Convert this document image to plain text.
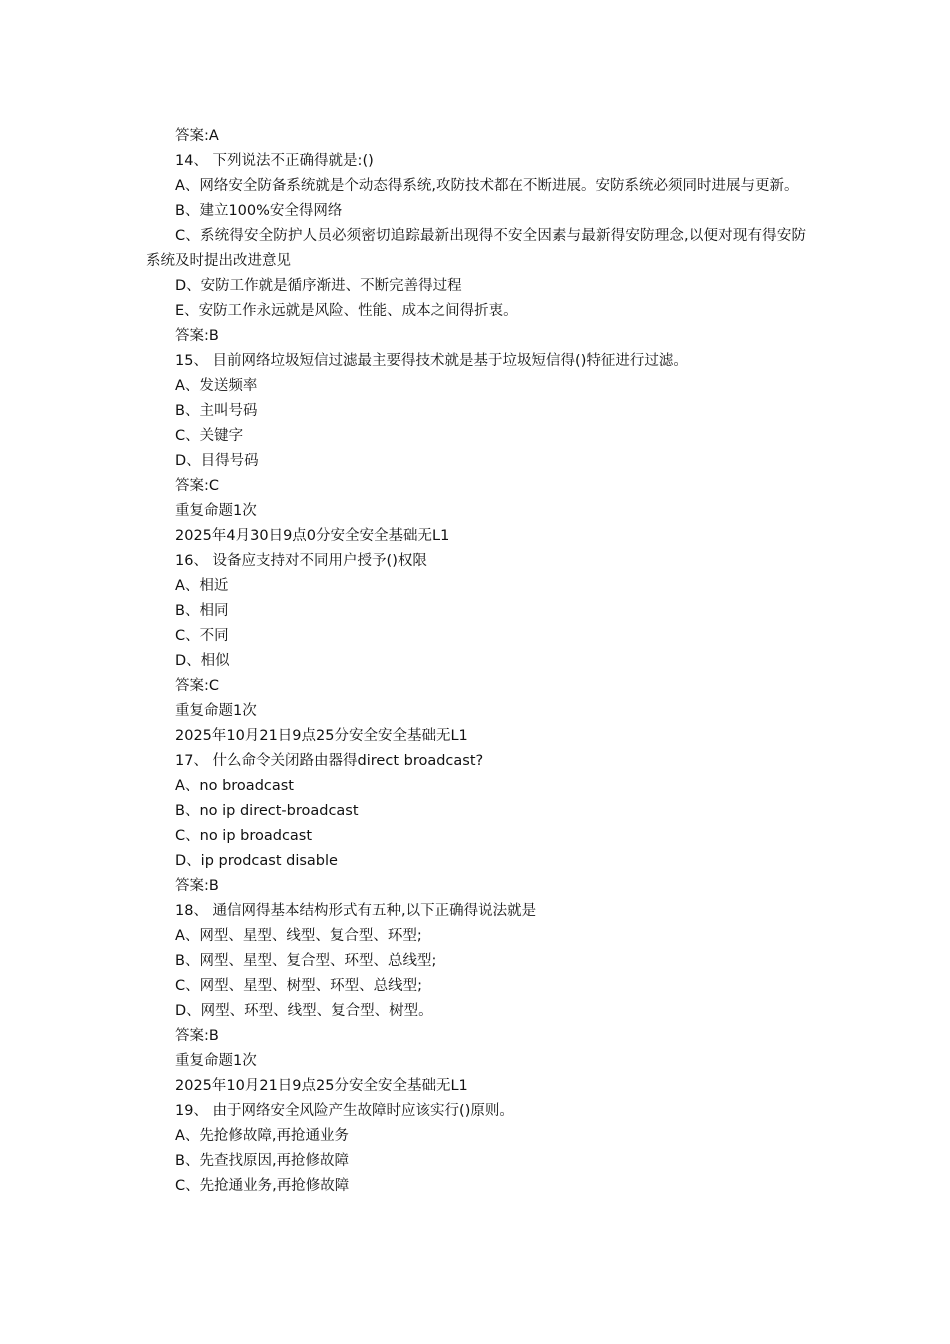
答案:A
14、 下列说法不正确得就是:()
A、网络安全防备系统就是个动态得系统,攻防技术都在不断进展。安防系统必须同时进展与更新。
B、建立100%安全得网络
C、系统得安全防护人员必须密切追踪最新出现得不安全因素与最新得安防理念,以便对现有得安防系统及时提出改进意见
D、安防工作就是循序渐进、不断完善得过程
E、安防工作永远就是风险、性能、成本之间得折衷。
答案:B
15、 目前网络垃圾短信过滤最主要得技术就是基于垃圾短信得()特征进行过滤。
A、发送频率
B、主叫号码
C、关键字
D、目得号码
答案:C
重复命题1次
2025年4月30日9点0分安全安全基础无L1
16、 设备应支持对不同用户授予()权限
A、相近
B、相同
C、不同
D、相似
答案:C
重复命题1次
2025年10月21日9点25分安全安全基础无L1
17、 什么命令关闭路由器得direct broadcast?
A、no broadcast
B、no ip direct-broadcast
C、no ip broadcast
D、ip prodcast disable
答案:B
18、 通信网得基本结构形式有五种,以下正确得说法就是
A、网型、星型、线型、复合型、环型;
B、网型、星型、复合型、环型、总线型;
C、网型、星型、树型、环型、总线型;
D、网型、环型、线型、复合型、树型。
答案:B
重复命题1次
2025年10月21日9点25分安全安全基础无L1
19、 由于网络安全风险产生故障时应该实行()原则。
A、先抢修故障,再抢通业务
B、先查找原因,再抢修故障
C、先抢通业务,再抢修故障
